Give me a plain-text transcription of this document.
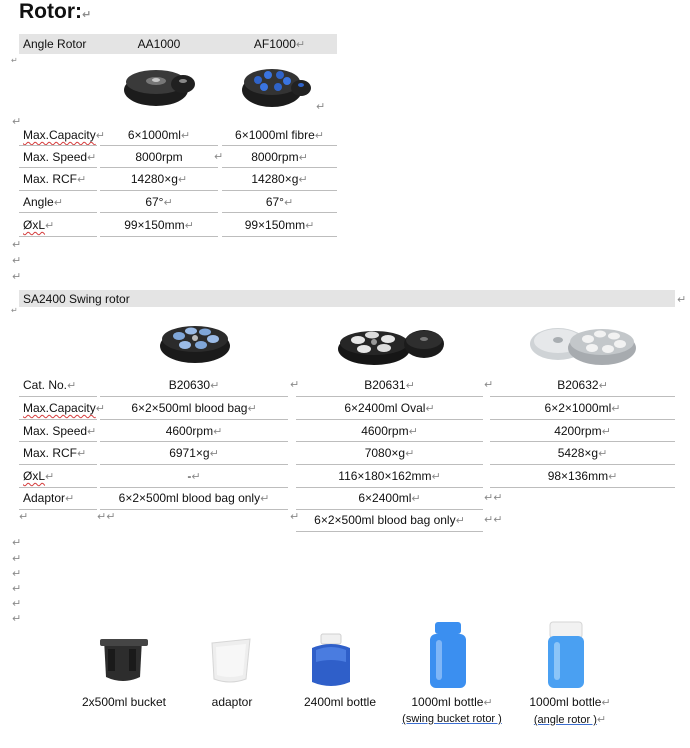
Rotor:↵
Angle Rotor	AA1000	AF1000↵
↵
↵
↵
Max.Capacity↵	6×1000ml↵	6×1000ml fibre↵
Max. Speed↵	8000rpm	8000rpm↵
↵
Max. RCF↵	14280×g↵	14280×g↵
Angle↵	67°↵	67°↵
ØxL↵	99×150mm↵	99×150mm↵
↵
↵
↵
SA2400 Swing rotor	↵
↵
Cat. No.↵	B20630↵	B20631↵	B20632↵
↵	↵
Max.Capacity↵	6×2×500ml blood bag↵	6×2400ml Oval↵	6×2×1000ml↵
Max. Speed↵	4600rpm↵	4600rpm↵	4200rpm↵
Max. RCF↵	6971×g↵	7080×g↵	5428×g↵
ØxL↵	-↵	116×180×162mm↵	98×136mm↵
Adaptor↵	6×2×500ml blood bag only↵	6×2400ml↵	↵↵
↵	↵↵	↵	6×2×500ml blood bag only↵	↵↵
↵
↵
↵
↵
↵
↵
2x500ml bucket	adaptor	2400ml bottle	1000ml bottle↵
(swing bucket rotor )
1000ml bottle↵
(angle rotor )↵
